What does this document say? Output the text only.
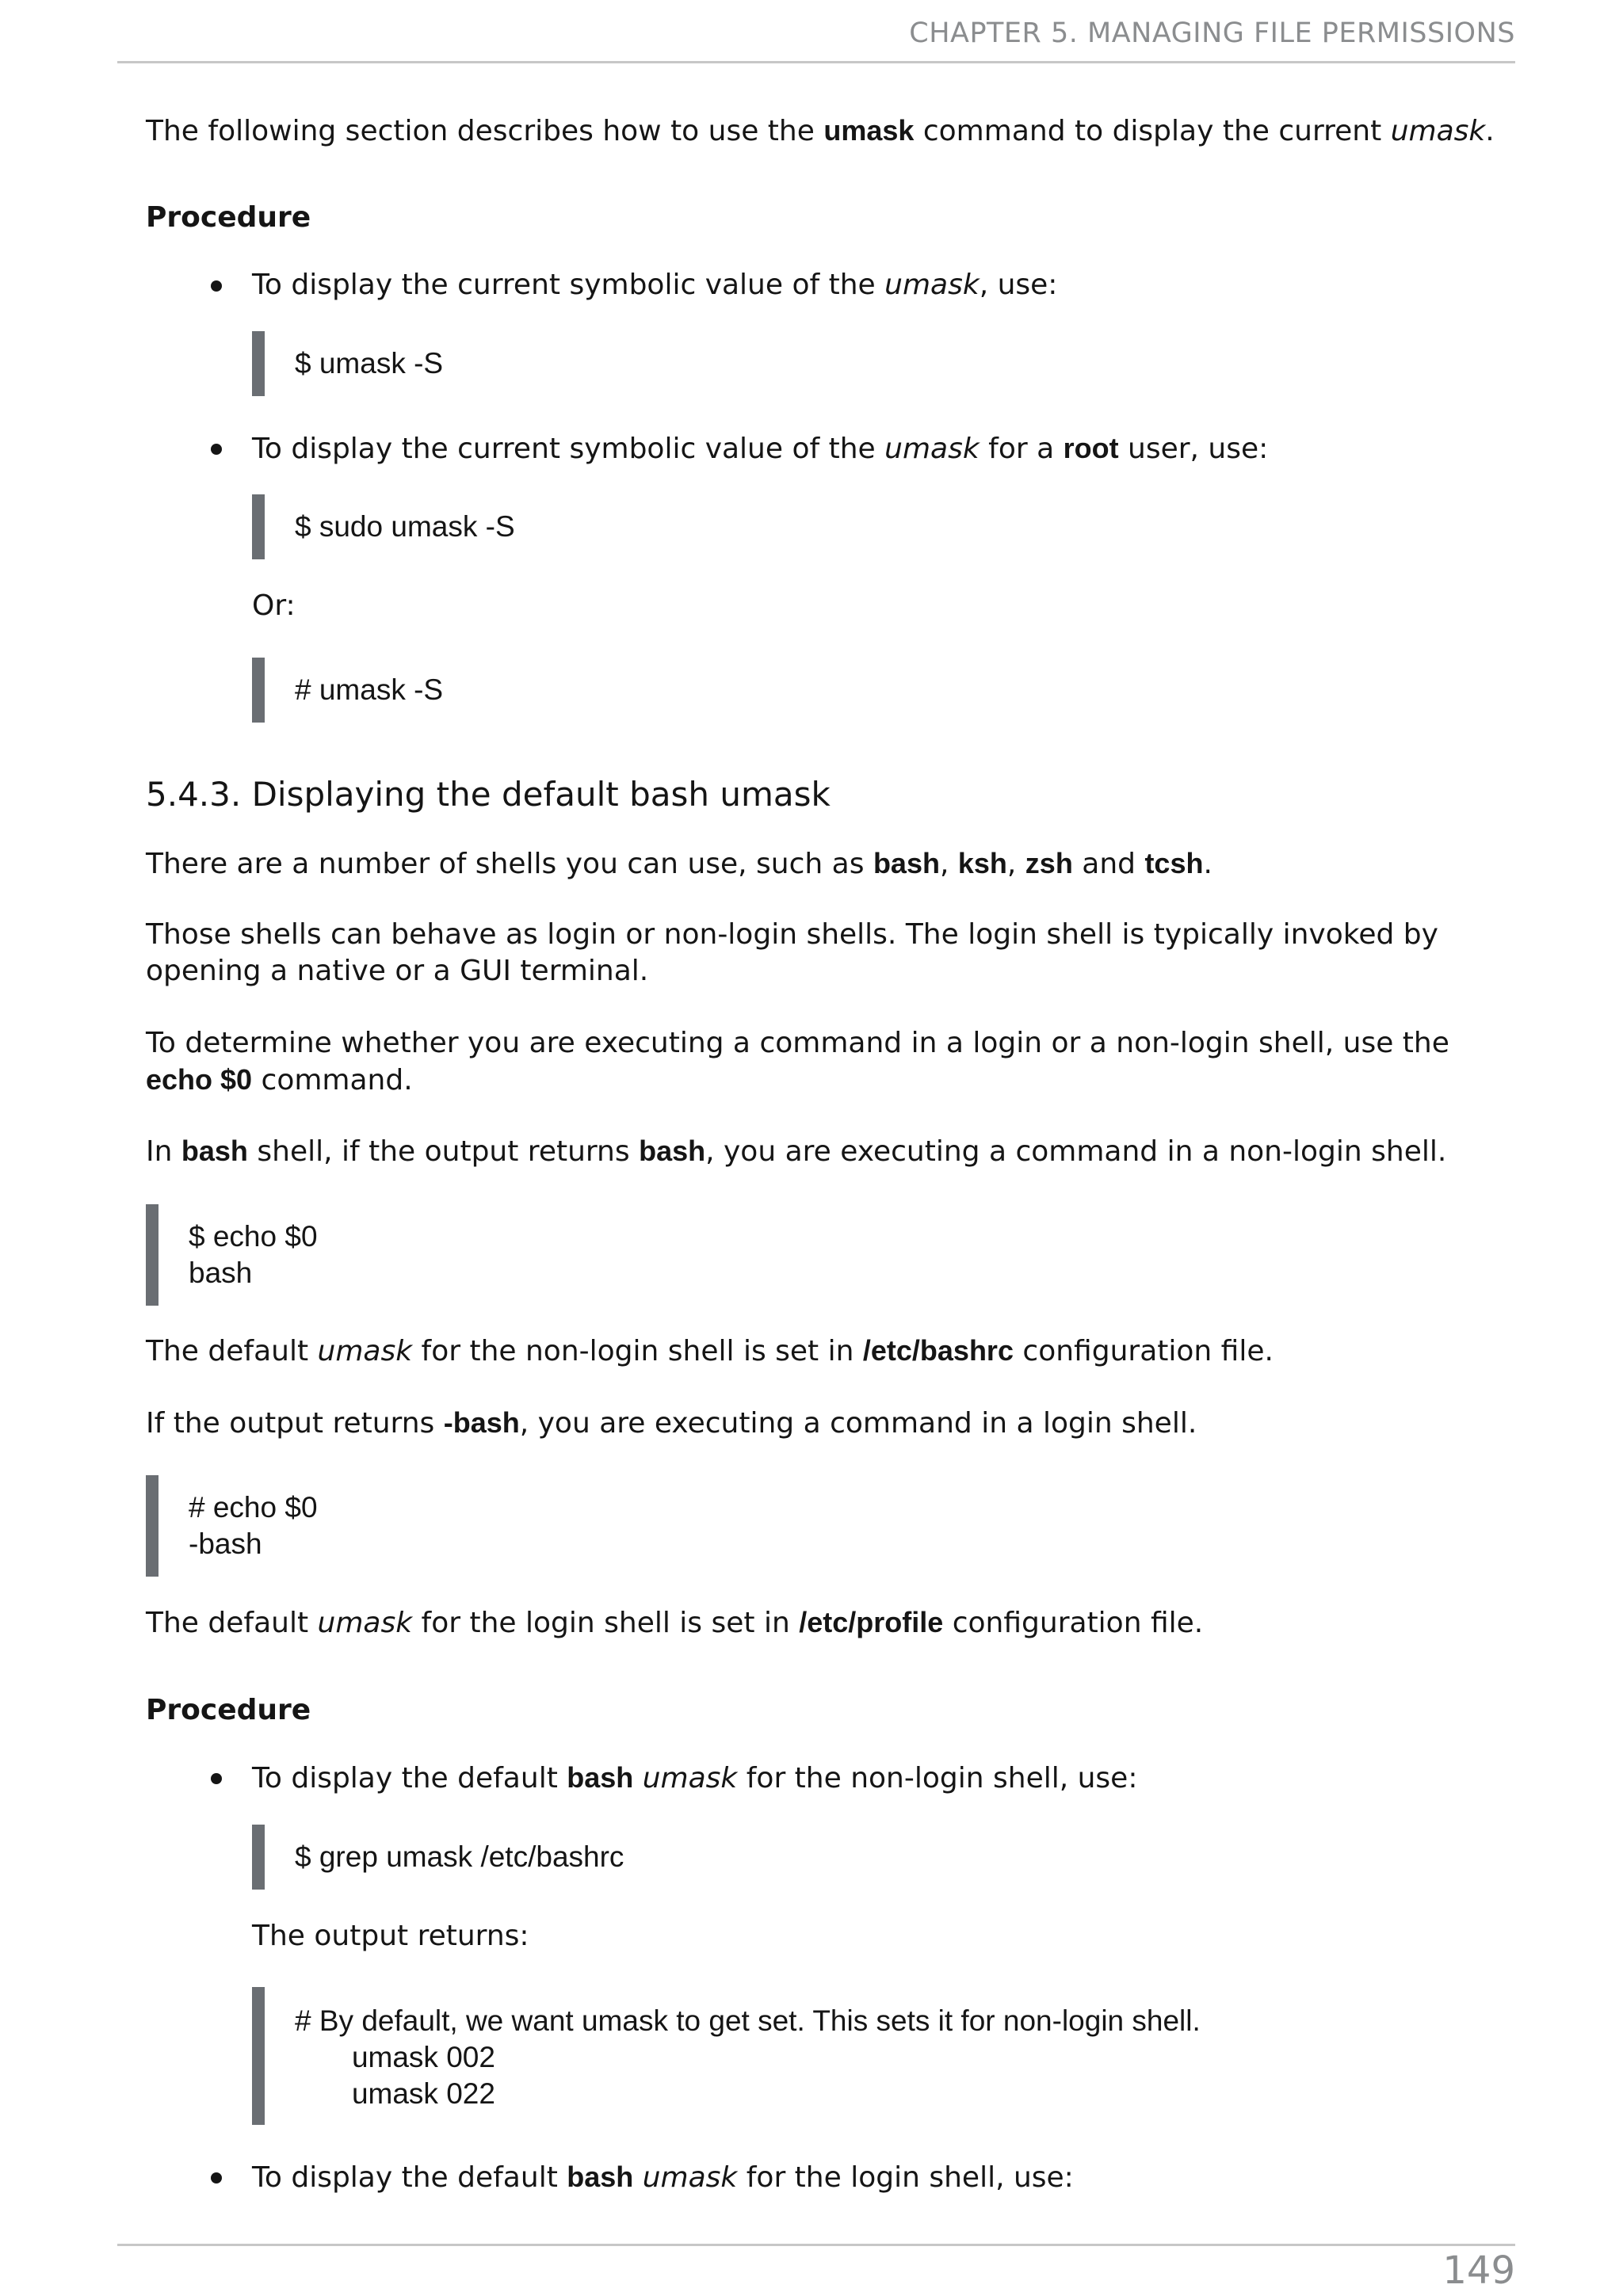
CHAPTER 5. MANAGING FILE PERMISSIONS
The following section describes how to use the umask command to display the current umask.
Procedure
To display the current symbolic value of the umask, use:
$ umask -S
To display the current symbolic value of the umask for a root user, use:
$ sudo umask -S
Or:
# umask -S
5.4.3. Displaying the default bash umask
There are a number of shells you can use, such as bash, ksh, zsh and tcsh.
Those shells can behave as login or non-login shells. The login shell is typically invoked by opening a native or a GUI terminal.
To determine whether you are executing a command in a login or a non-login shell, use the echo $0 command.
In bash shell, if the output returns bash, you are executing a command in a non-login shell.
$ echo $0
bash
The default umask for the non-login shell is set in /etc/bashrc configuration file.
If the output returns -bash, you are executing a command in a login shell.
# echo $0
-bash
The default umask for the login shell is set in /etc/profile configuration file.
Procedure
To display the default bash umask for the non-login shell, use:
$ grep umask /etc/bashrc
The output returns:
# By default, we want umask to get set. This sets it for non-login shell.
umask 002
umask 022
To display the default bash umask for the login shell, use:
149
